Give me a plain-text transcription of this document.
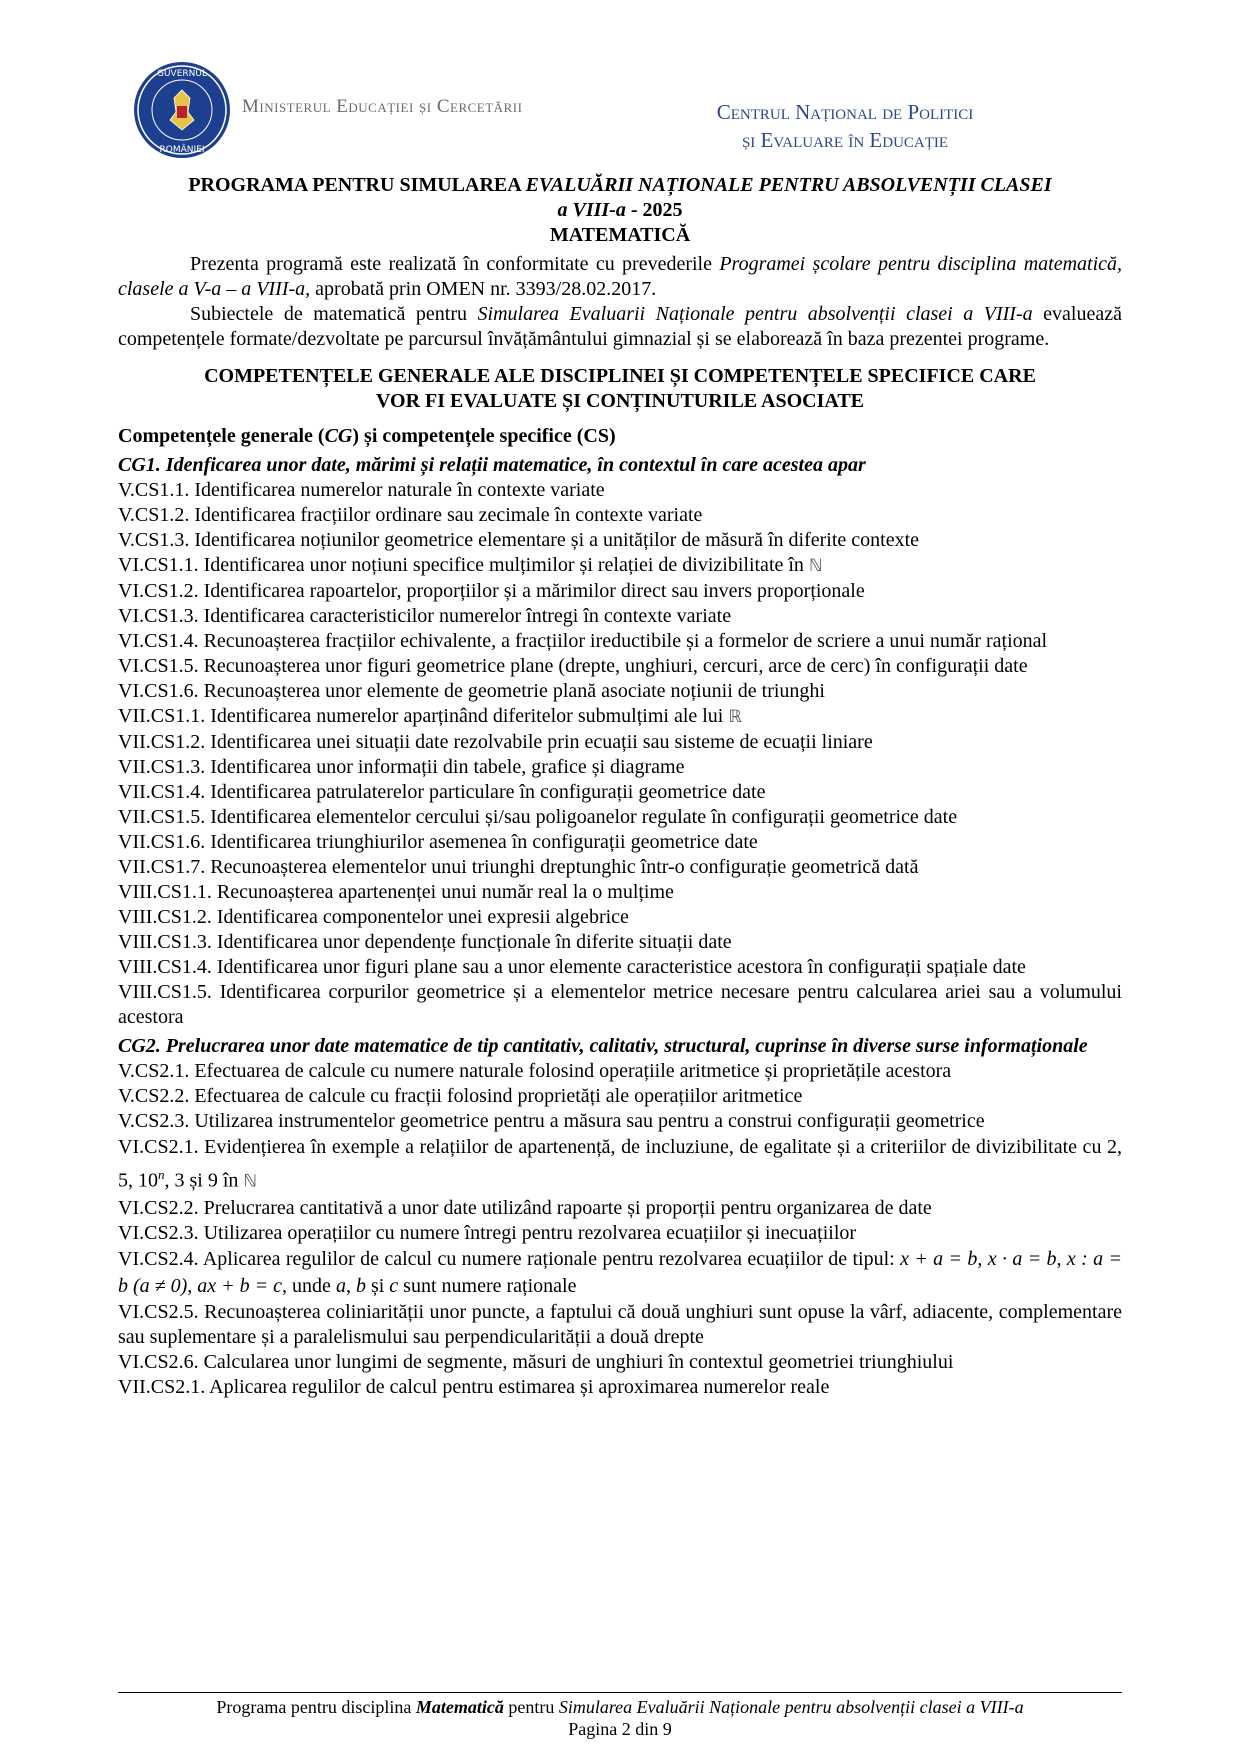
GUVERNUL
ROMÂNIEI
Ministerul Educației și Cercetării	Centrul Național de Politici
și Evaluare în Educație
PROGRAMA PENTRU SIMULAREA EVALUĂRII NAȚIONALE PENTRU ABSOLVENȚII CLASEI
a VIII-a - 2025
MATEMATICĂ

Prezenta programă este realizată în conformitate cu prevederile Programei școlare pentru disciplina matematică, clasele a V-a – a VIII-a, aprobată prin OMEN nr. 3393/28.02.2017.

Subiectele de matematică pentru Simularea Evaluarii Naționale pentru absolvenții clasei a VIII-a evaluează competențele formate/dezvoltate pe parcursul învățământului gimnazial și se elaborează în baza prezentei programe.

COMPETENȚELE GENERALE ALE DISCIPLINEI ȘI COMPETENȚELE SPECIFICE CARE
VOR FI EVALUATE ȘI CONȚINUTURILE ASOCIATE
Competențele generale (CG) și competențele specifice (CS)
CG1. Idenficarea unor date, mărimi și relații matematice, în contextul în care acestea apar
V.CS1.1. Identificarea numerelor naturale în contexte variate
V.CS1.2. Identificarea fracțiilor ordinare sau zecimale în contexte variate
V.CS1.3. Identificarea noțiunilor geometrice elementare și a unităților de măsură în diferite contexte
VI.CS1.1. Identificarea unor noțiuni specifice mulțimilor și relației de divizibilitate în ℕ
VI.CS1.2. Identificarea rapoartelor, proporțiilor și a mărimilor direct sau invers proporționale
VI.CS1.3. Identificarea caracteristicilor numerelor întregi în contexte variate
VI.CS1.4. Recunoașterea fracțiilor echivalente, a fracțiilor ireductibile și a formelor de scriere a unui număr rațional
VI.CS1.5. Recunoașterea unor figuri geometrice plane (drepte, unghiuri, cercuri, arce de cerc) în configurații date
VI.CS1.6. Recunoașterea unor elemente de geometrie plană asociate noțiunii de triunghi
VII.CS1.1. Identificarea numerelor aparținând diferitelor submulțimi ale lui ℝ
VII.CS1.2. Identificarea unei situații date rezolvabile prin ecuații sau sisteme de ecuații liniare
VII.CS1.3. Identificarea unor informații din tabele, grafice și diagrame
VII.CS1.4. Identificarea patrulaterelor particulare în configurații geometrice date
VII.CS1.5. Identificarea elementelor cercului și/sau poligoanelor regulate în configurații geometrice date
VII.CS1.6. Identificarea triunghiurilor asemenea în configurații geometrice date
VII.CS1.7. Recunoașterea elementelor unui triunghi dreptunghic într-o configurație geometrică dată
VIII.CS1.1. Recunoașterea apartenenței unui număr real la o mulțime
VIII.CS1.2. Identificarea componentelor unei expresii algebrice
VIII.CS1.3. Identificarea unor dependențe funcționale în diferite situații date
VIII.CS1.4. Identificarea unor figuri plane sau a unor elemente caracteristice acestora în configurații spațiale date
VIII.CS1.5. Identificarea corpurilor geometrice și a elementelor metrice necesare pentru calcularea ariei sau a volumului acestora
CG2. Prelucrarea unor date matematice de tip cantitativ, calitativ, structural, cuprinse în diverse surse informaționale
V.CS2.1. Efectuarea de calcule cu numere naturale folosind operațiile aritmetice și proprietățile acestora
V.CS2.2. Efectuarea de calcule cu fracții folosind proprietăți ale operațiilor aritmetice
V.CS2.3. Utilizarea instrumentelor geometrice pentru a măsura sau pentru a construi configurații geometrice
VI.CS2.1. Evidențierea în exemple a relațiilor de apartenență, de incluziune, de egalitate și a criteriilor de divizibilitate cu 2, 5, 10$^n$, 3 și 9 în ℕ
VI.CS2.2. Prelucrarea cantitativă a unor date utilizând rapoarte și proporții pentru organizarea de date
VI.CS2.3. Utilizarea operațiilor cu numere întregi pentru rezolvarea ecuațiilor și inecuațiilor
VI.CS2.4. Aplicarea regulilor de calcul cu numere raționale pentru rezolvarea ecuațiilor de tipul: x + a = b, x · a = b, x : a = b (a ≠ 0), ax + b = c, unde a, b și c sunt numere raționale
VI.CS2.5. Recunoașterea coliniarității unor puncte, a faptului că două unghiuri sunt opuse la vârf, adiacente, complementare sau suplementare și a paralelismului sau perpendicularității a două drepte
VI.CS2.6. Calcularea unor lungimi de segmente, măsuri de unghiuri în contextul geometriei triunghiului
VII.CS2.1. Aplicarea regulilor de calcul pentru estimarea și aproximarea numerelor reale
Programa pentru disciplina Matematică pentru Simularea Evaluării Naționale pentru absolvenții clasei a VIII-a
Pagina 2 din 9
